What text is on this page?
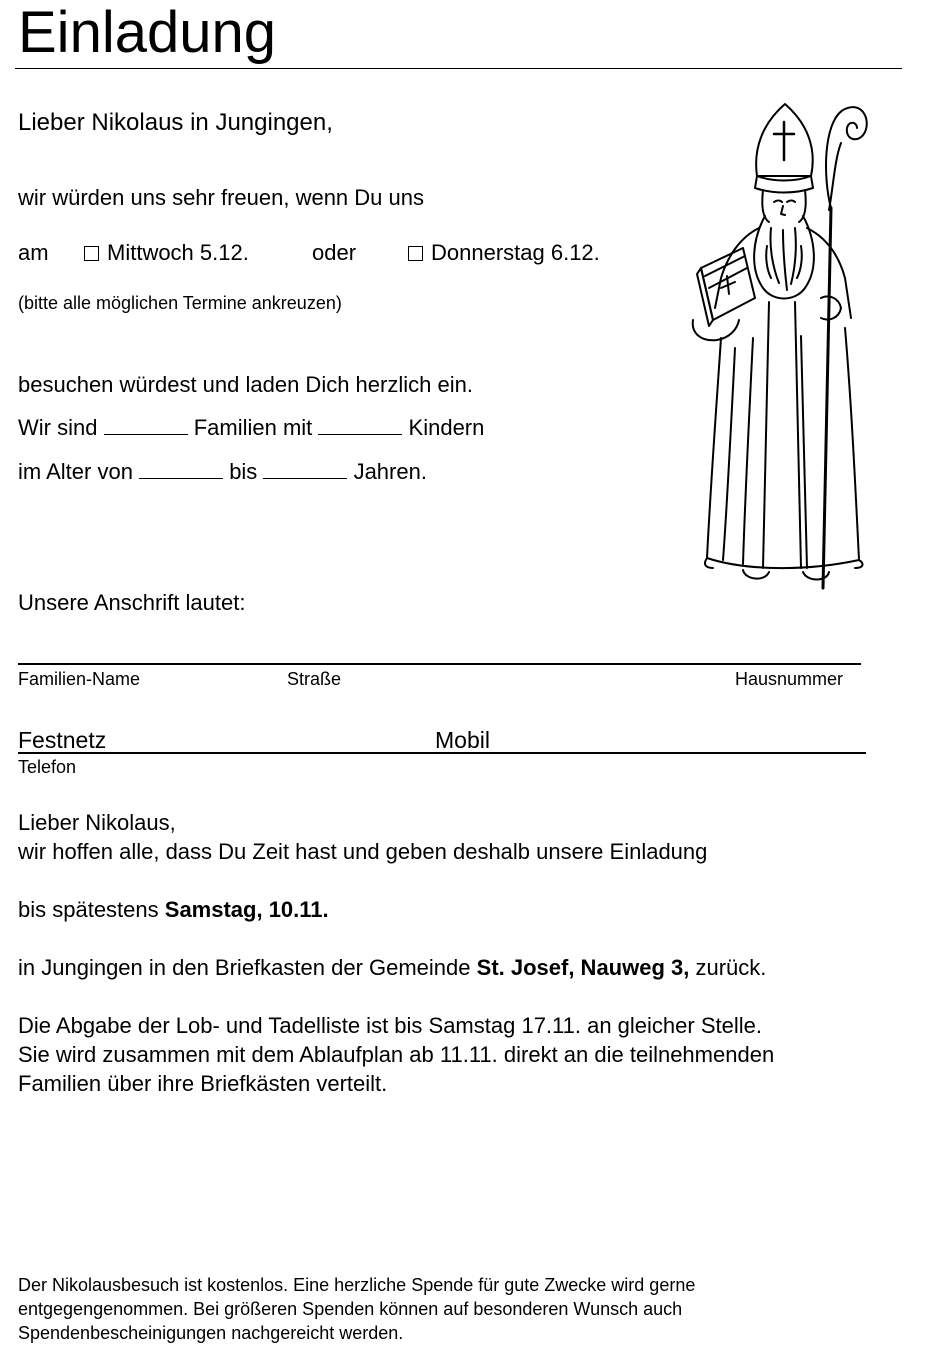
Einladung
Lieber Nikolaus in Jungingen,
wir würden uns sehr freuen, wenn Du uns
am	Mittwoch 5.12.	oder	Donnerstag 6.12.
(bitte alle möglichen Termine ankreuzen)
besuchen würdest und laden Dich herzlich ein.
Wir sind	Familien mit	Kindern
im Alter von	bis	Jahren.
Unsere Anschrift lautet:
Familien-Name	Straße	Hausnummer
Festnetz	Mobil
Telefon
Lieber Nikolaus,
wir hoffen alle, dass Du Zeit hast und geben deshalb unsere Einladung
bis spätestens Samstag, 10.11.
in Jungingen in den Briefkasten der Gemeinde St. Josef, Nauweg 3, zurück.
Die Abgabe der Lob- und Tadelliste ist bis Samstag 17.11. an gleicher Stelle.
Sie wird zusammen mit dem Ablaufplan ab 11.11. direkt an die teilnehmenden
Familien über ihre Briefkästen verteilt.
Der Nikolausbesuch ist kostenlos. Eine herzliche Spende für gute Zwecke wird gerne
entgegengenommen. Bei größeren Spenden können auf besonderen Wunsch auch
Spendenbescheinigungen nachgereicht werden.
